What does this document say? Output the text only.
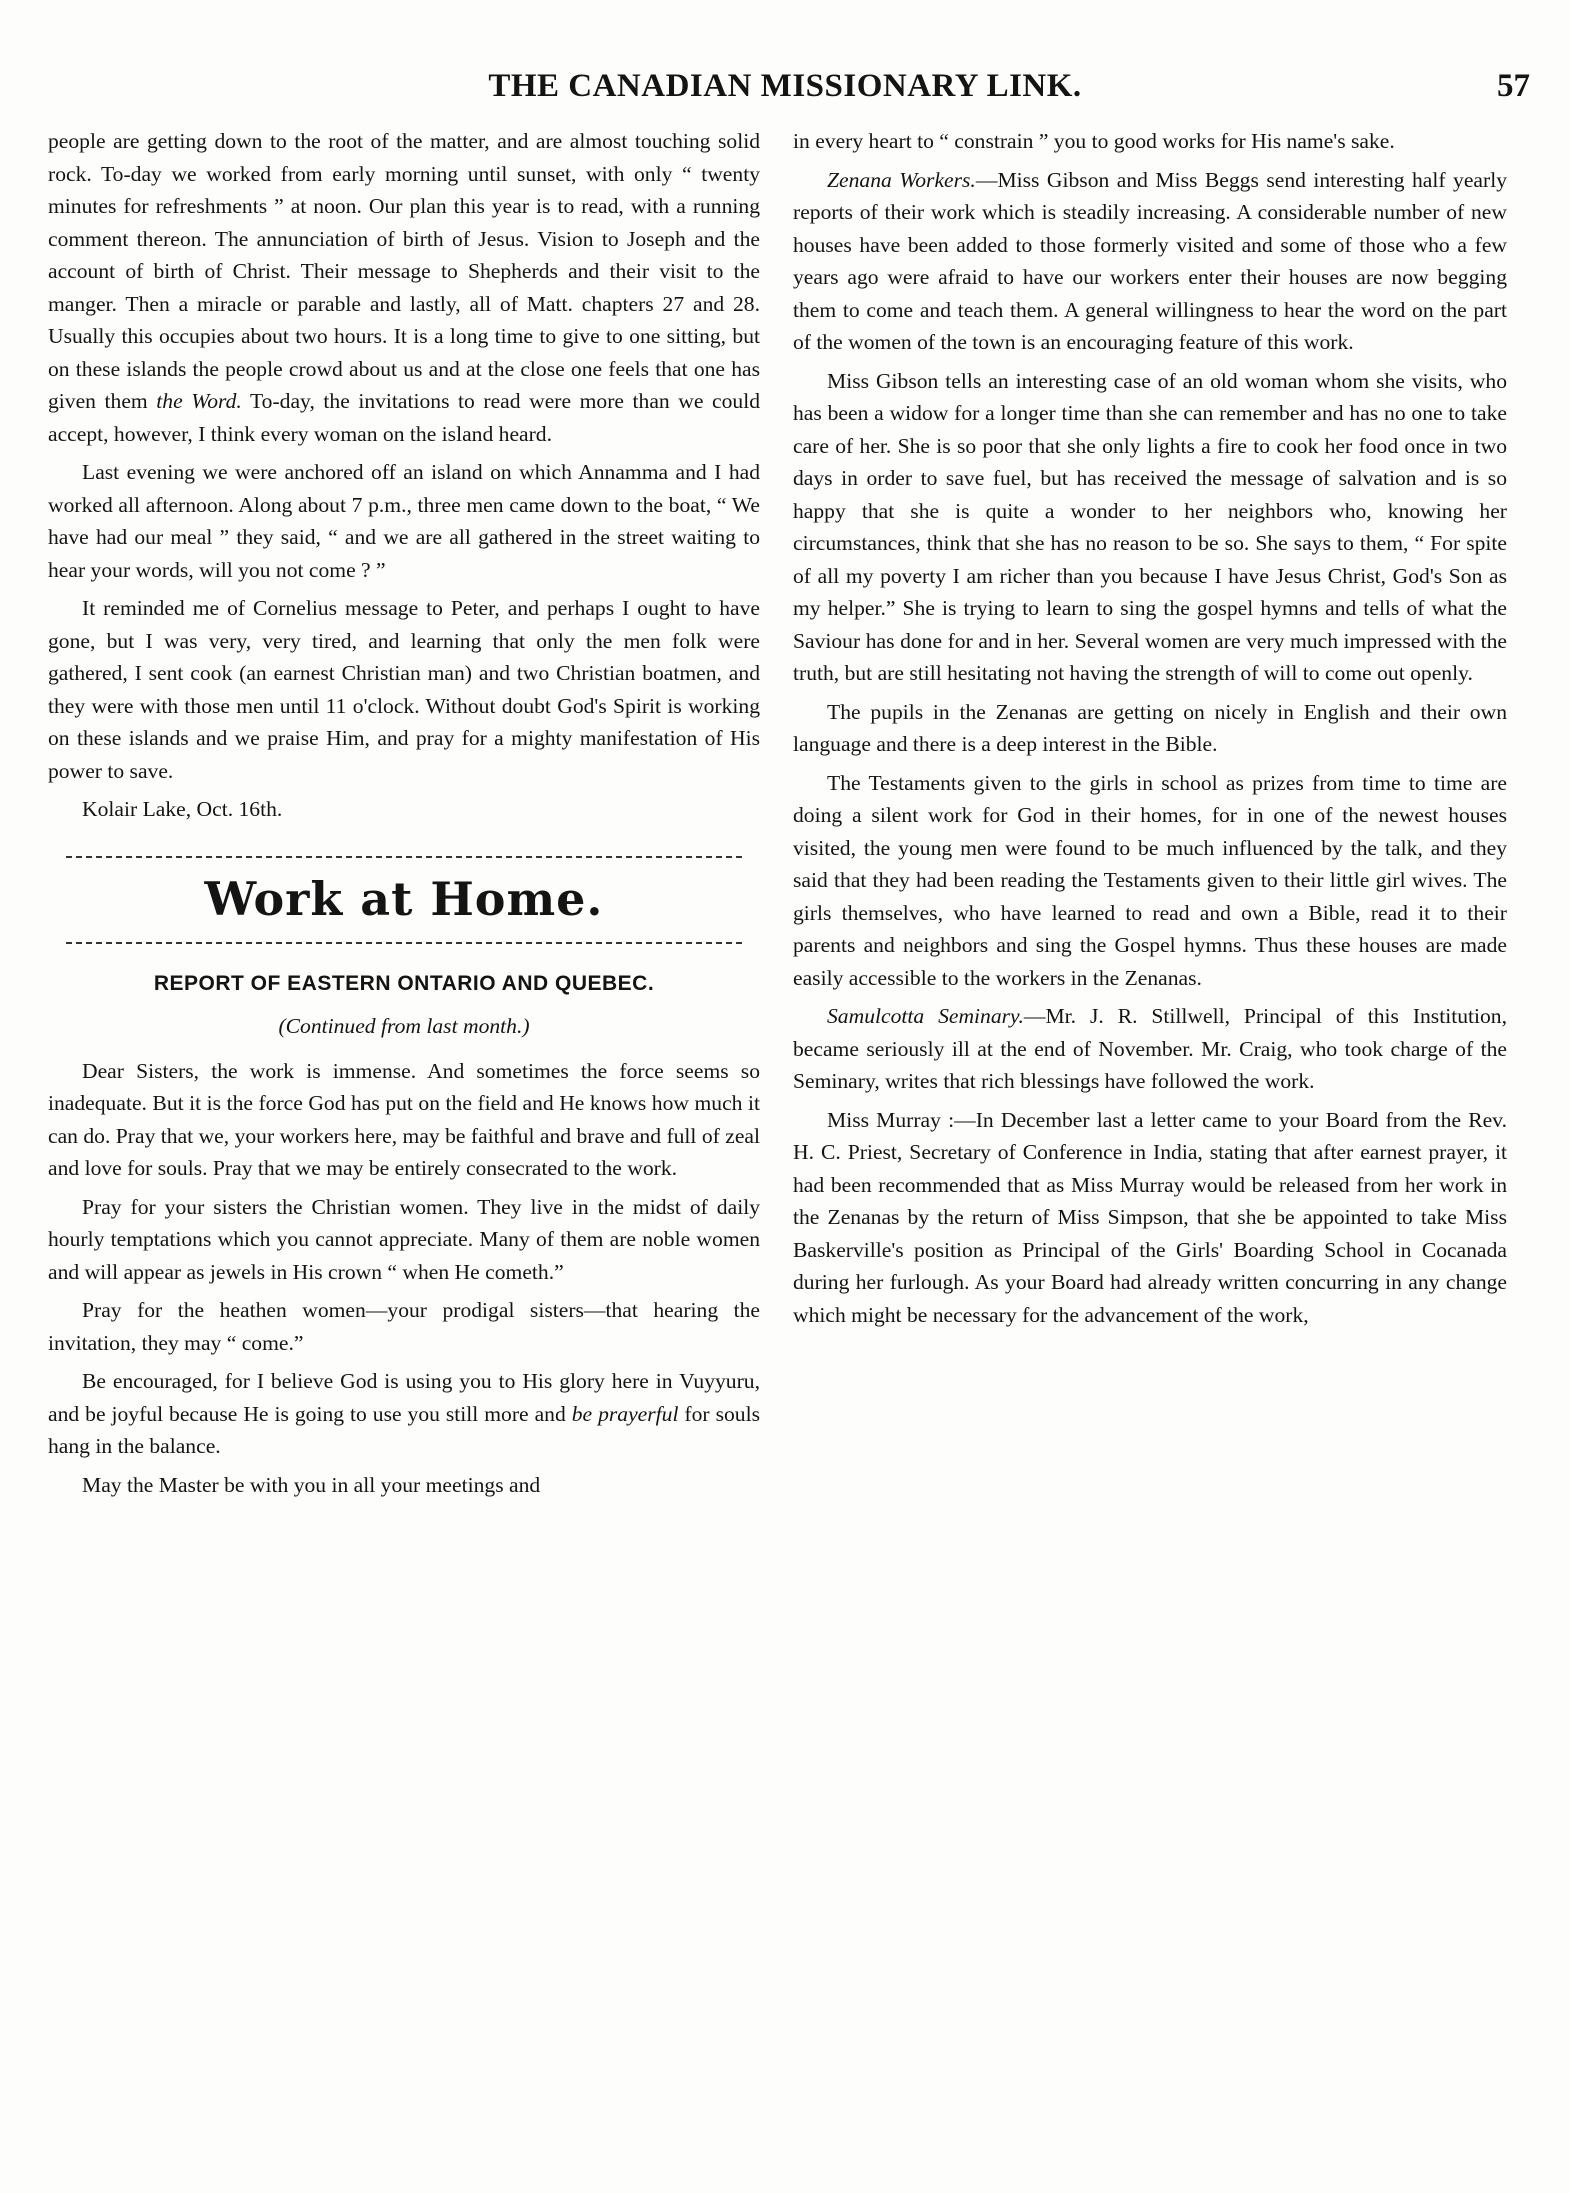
THE CANADIAN MISSIONARY LINK.	57

people are getting down to the root of the matter, and are almost touching solid rock. To-day we worked from early morning until sunset, with only “ twenty minutes for refreshments ” at noon. Our plan this year is to read, with a running comment thereon. The annunciation of birth of Jesus. Vision to Joseph and the account of birth of Christ. Their message to Shepherds and their visit to the manger. Then a miracle or parable and lastly, all of Matt. chapters 27 and 28. Usually this occupies about two hours. It is a long time to give to one sitting, but on these islands the people crowd about us and at the close one feels that one has given them the Word. To-day, the invitations to read were more than we could accept, however, I think every woman on the island heard.

Last evening we were anchored off an island on which Annamma and I had worked all afternoon. Along about 7 p.m., three men came down to the boat, “ We have had our meal ” they said, “ and we are all gathered in the street waiting to hear your words, will you not come ? ”

It reminded me of Cornelius message to Peter, and perhaps I ought to have gone, but I was very, very tired, and learning that only the men folk were gathered, I sent cook (an earnest Christian man) and two Christian boatmen, and they were with those men until 11 o'clock. Without doubt God's Spirit is working on these islands and we praise Him, and pray for a mighty manifestation of His power to save.

Kolair Lake, Oct. 16th.

Work at Home.
REPORT OF EASTERN ONTARIO AND QUEBEC.
(Continued from last month.)

Dear Sisters, the work is immense. And sometimes the force seems so inadequate. But it is the force God has put on the field and He knows how much it can do. Pray that we, your workers here, may be faithful and brave and full of zeal and love for souls. Pray that we may be entirely consecrated to the work.

Pray for your sisters the Christian women. They live in the midst of daily hourly temptations which you cannot appreciate. Many of them are noble women and will appear as jewels in His crown “ when He cometh.”

Pray for the heathen women—your prodigal sisters—that hearing the invitation, they may “ come.”

Be encouraged, for I believe God is using you to His glory here in Vuyyuru, and be joyful because He is going to use you still more and be prayerful for souls hang in the balance.

May the Master be with you in all your meetings and

in every heart to “ constrain ” you to good works for His name's sake.

Zenana Workers.—Miss Gibson and Miss Beggs send interesting half yearly reports of their work which is steadily increasing. A considerable number of new houses have been added to those formerly visited and some of those who a few years ago were afraid to have our workers enter their houses are now begging them to come and teach them. A general willingness to hear the word on the part of the women of the town is an encouraging feature of this work.

Miss Gibson tells an interesting case of an old woman whom she visits, who has been a widow for a longer time than she can remember and has no one to take care of her. She is so poor that she only lights a fire to cook her food once in two days in order to save fuel, but has received the message of salvation and is so happy that she is quite a wonder to her neighbors who, knowing her circumstances, think that she has no reason to be so. She says to them, “ For spite of all my poverty I am richer than you because I have Jesus Christ, God's Son as my helper.” She is trying to learn to sing the gospel hymns and tells of what the Saviour has done for and in her. Several women are very much impressed with the truth, but are still hesitating not having the strength of will to come out openly.

The pupils in the Zenanas are getting on nicely in English and their own language and there is a deep interest in the Bible.

The Testaments given to the girls in school as prizes from time to time are doing a silent work for God in their homes, for in one of the newest houses visited, the young men were found to be much influenced by the talk, and they said that they had been reading the Testaments given to their little girl wives. The girls themselves, who have learned to read and own a Bible, read it to their parents and neighbors and sing the Gospel hymns. Thus these houses are made easily accessible to the workers in the Zenanas.

Samulcotta Seminary.—Mr. J. R. Stillwell, Principal of this Institution, became seriously ill at the end of November. Mr. Craig, who took charge of the Seminary, writes that rich blessings have followed the work.

Miss Murray :—In December last a letter came to your Board from the Rev. H. C. Priest, Secretary of Conference in India, stating that after earnest prayer, it had been recommended that as Miss Murray would be released from her work in the Zenanas by the return of Miss Simpson, that she be appointed to take Miss Baskerville's position as Principal of the Girls' Boarding School in Cocanada during her furlough. As your Board had already written concurring in any change which might be necessary for the advancement of the work,
